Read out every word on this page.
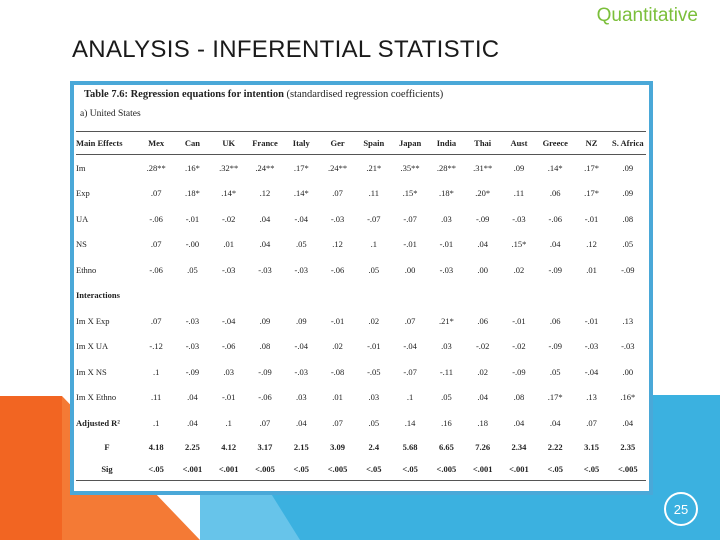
Quantitative
ANALYSIS - INFERENTIAL STATISTIC
Table 7.6: Regression equations for intention (standardised regression coefficients)
a) United States
Main Effects	Mex	Can	UK	France	Italy	Ger	Spain	Japan	India	Thai	Aust	Greece	NZ	S. Africa
Im	.28**	.16*	.32**	.24**	.17*	.24**	.21*	.35**	.28**	.31**	.09	.14*	.17*	.09
Exp	.07	.18*	.14*	.12	.14*	.07	.11	.15*	.18*	.20*	.11	.06	.17*	.09
UA	-.06	-.01	-.02	.04	-.04	-.03	-.07	-.07	.03	-.09	-.03	-.06	-.01	.08
NS	.07	-.00	.01	.04	.05	.12	.1	-.01	-.01	.04	.15*	.04	.12	.05
Ethno	-.06	.05	-.03	-.03	-.03	-.06	.05	.00	-.03	.00	.02	-.09	.01	-.09
Interactions														
Im X Exp	.07	-.03	-.04	.09	.09	-.01	.02	.07	.21*	.06	-.01	.06	-.01	.13
Im X UA	-.12	-.03	-.06	.08	-.04	.02	-.01	-.04	.03	-.02	-.02	-.09	-.03	-.03
Im X NS	.1	-.09	.03	-.09	-.03	-.08	-.05	-.07	-.11	.02	-.09	.05	-.04	.00
Im X Ethno	.11	.04	-.01	-.06	.03	.01	.03	.1	.05	.04	.08	.17*	.13	.16*
Adjusted R²	.1	.04	.1	.07	.04	.07	.05	.14	.16	.18	.04	.04	.07	.04
F	4.18	2.25	4.12	3.17	2.15	3.09	2.4	5.68	6.65	7.26	2.34	2.22	3.15	2.35
Sig	<.05	<.001	<.001	<.005	<.05	<.005	<.05	<.05	<.005	<.001	<.001	<.05	<.05	<.005
25
